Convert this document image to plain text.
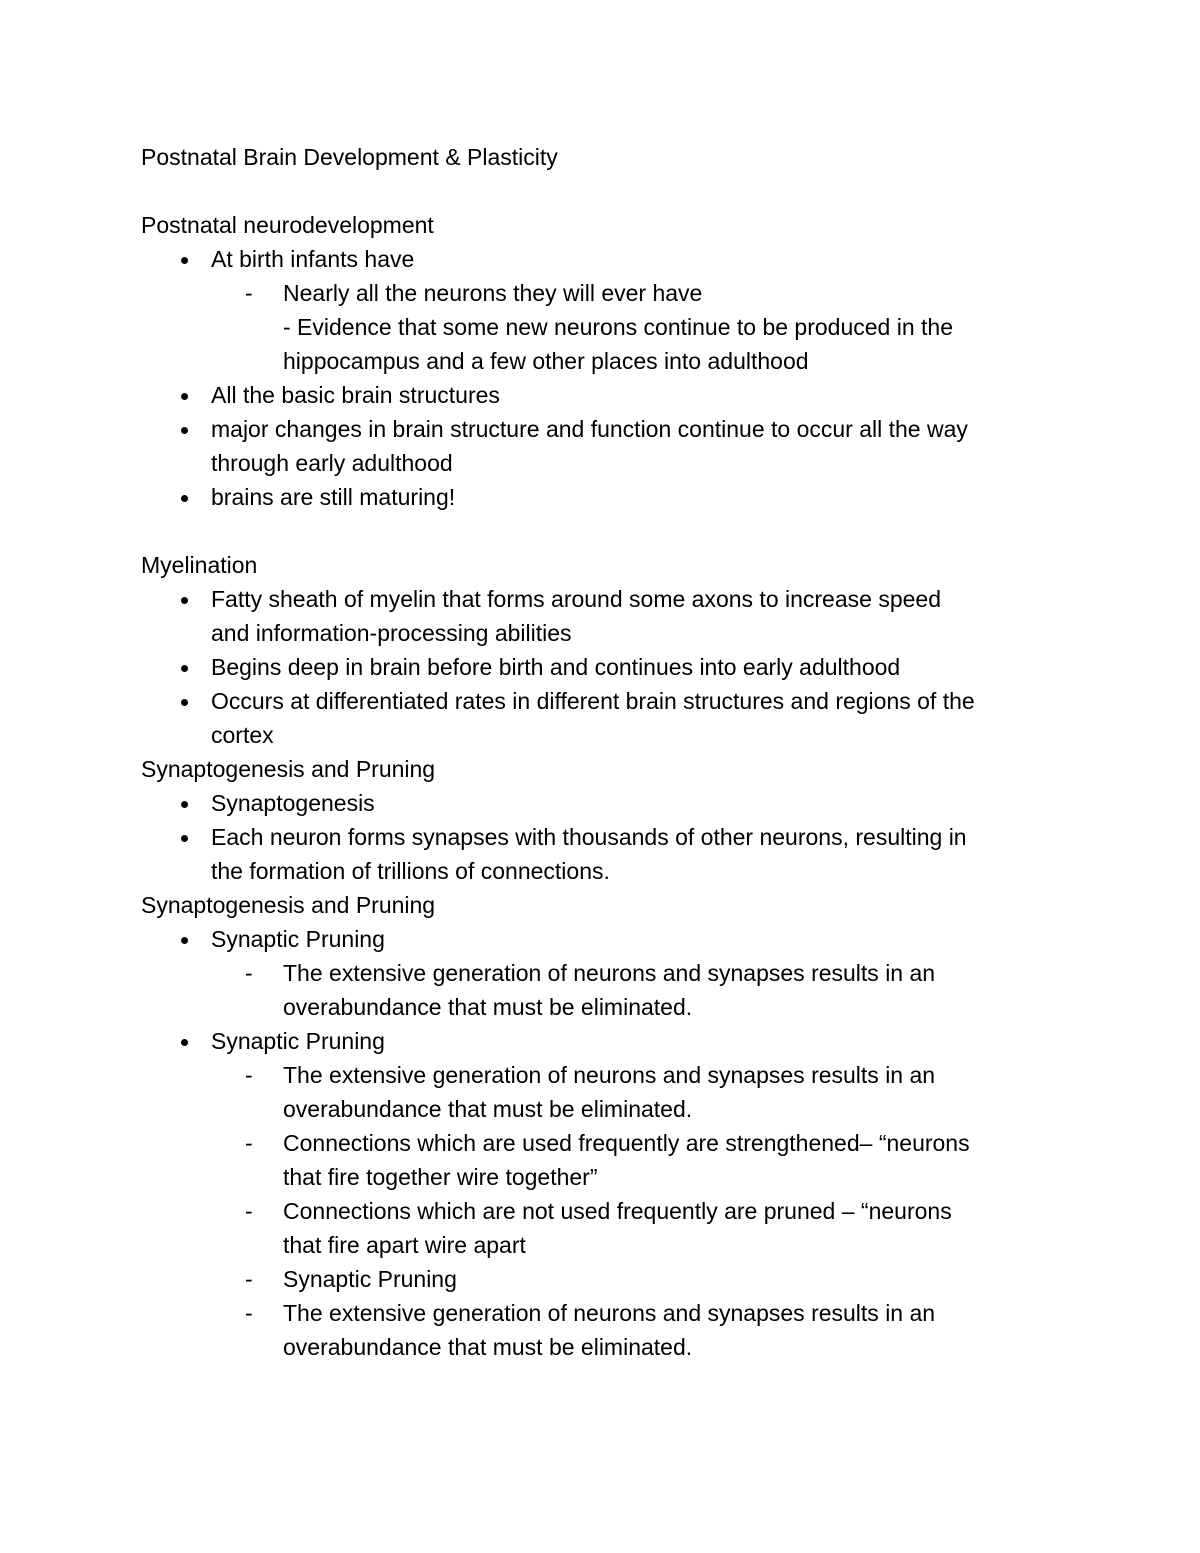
Postnatal Brain Development & Plasticity

Postnatal neurodevelopment

At birth infants have
- Nearly all the neurons they will ever have
- Evidence that some new neurons continue to be produced in the
hippocampus and a few other places into adulthood
All the basic brain structures
major changes in brain structure and function continue to occur all the way
through early adulthood
brains are still maturing!

Myelination

Fatty sheath of myelin that forms around some axons to increase speed
and information-processing abilities
Begins deep in brain before birth and continues into early adulthood
Occurs at differentiated rates in different brain structures and regions of the
cortex

Synaptogenesis and Pruning

Synaptogenesis
Each neuron forms synapses with thousands of other neurons, resulting in
the formation of trillions of connections.

Synaptogenesis and Pruning

Synaptic Pruning
- The extensive generation of neurons and synapses results in an
overabundance that must be eliminated.
Synaptic Pruning
- The extensive generation of neurons and synapses results in an
overabundance that must be eliminated.
- Connections which are used frequently are strengthened– “neurons
that fire together wire together”
- Connections which are not used frequently are pruned – “neurons
that fire apart wire apart
- Synaptic Pruning
- The extensive generation of neurons and synapses results in an
overabundance that must be eliminated.
